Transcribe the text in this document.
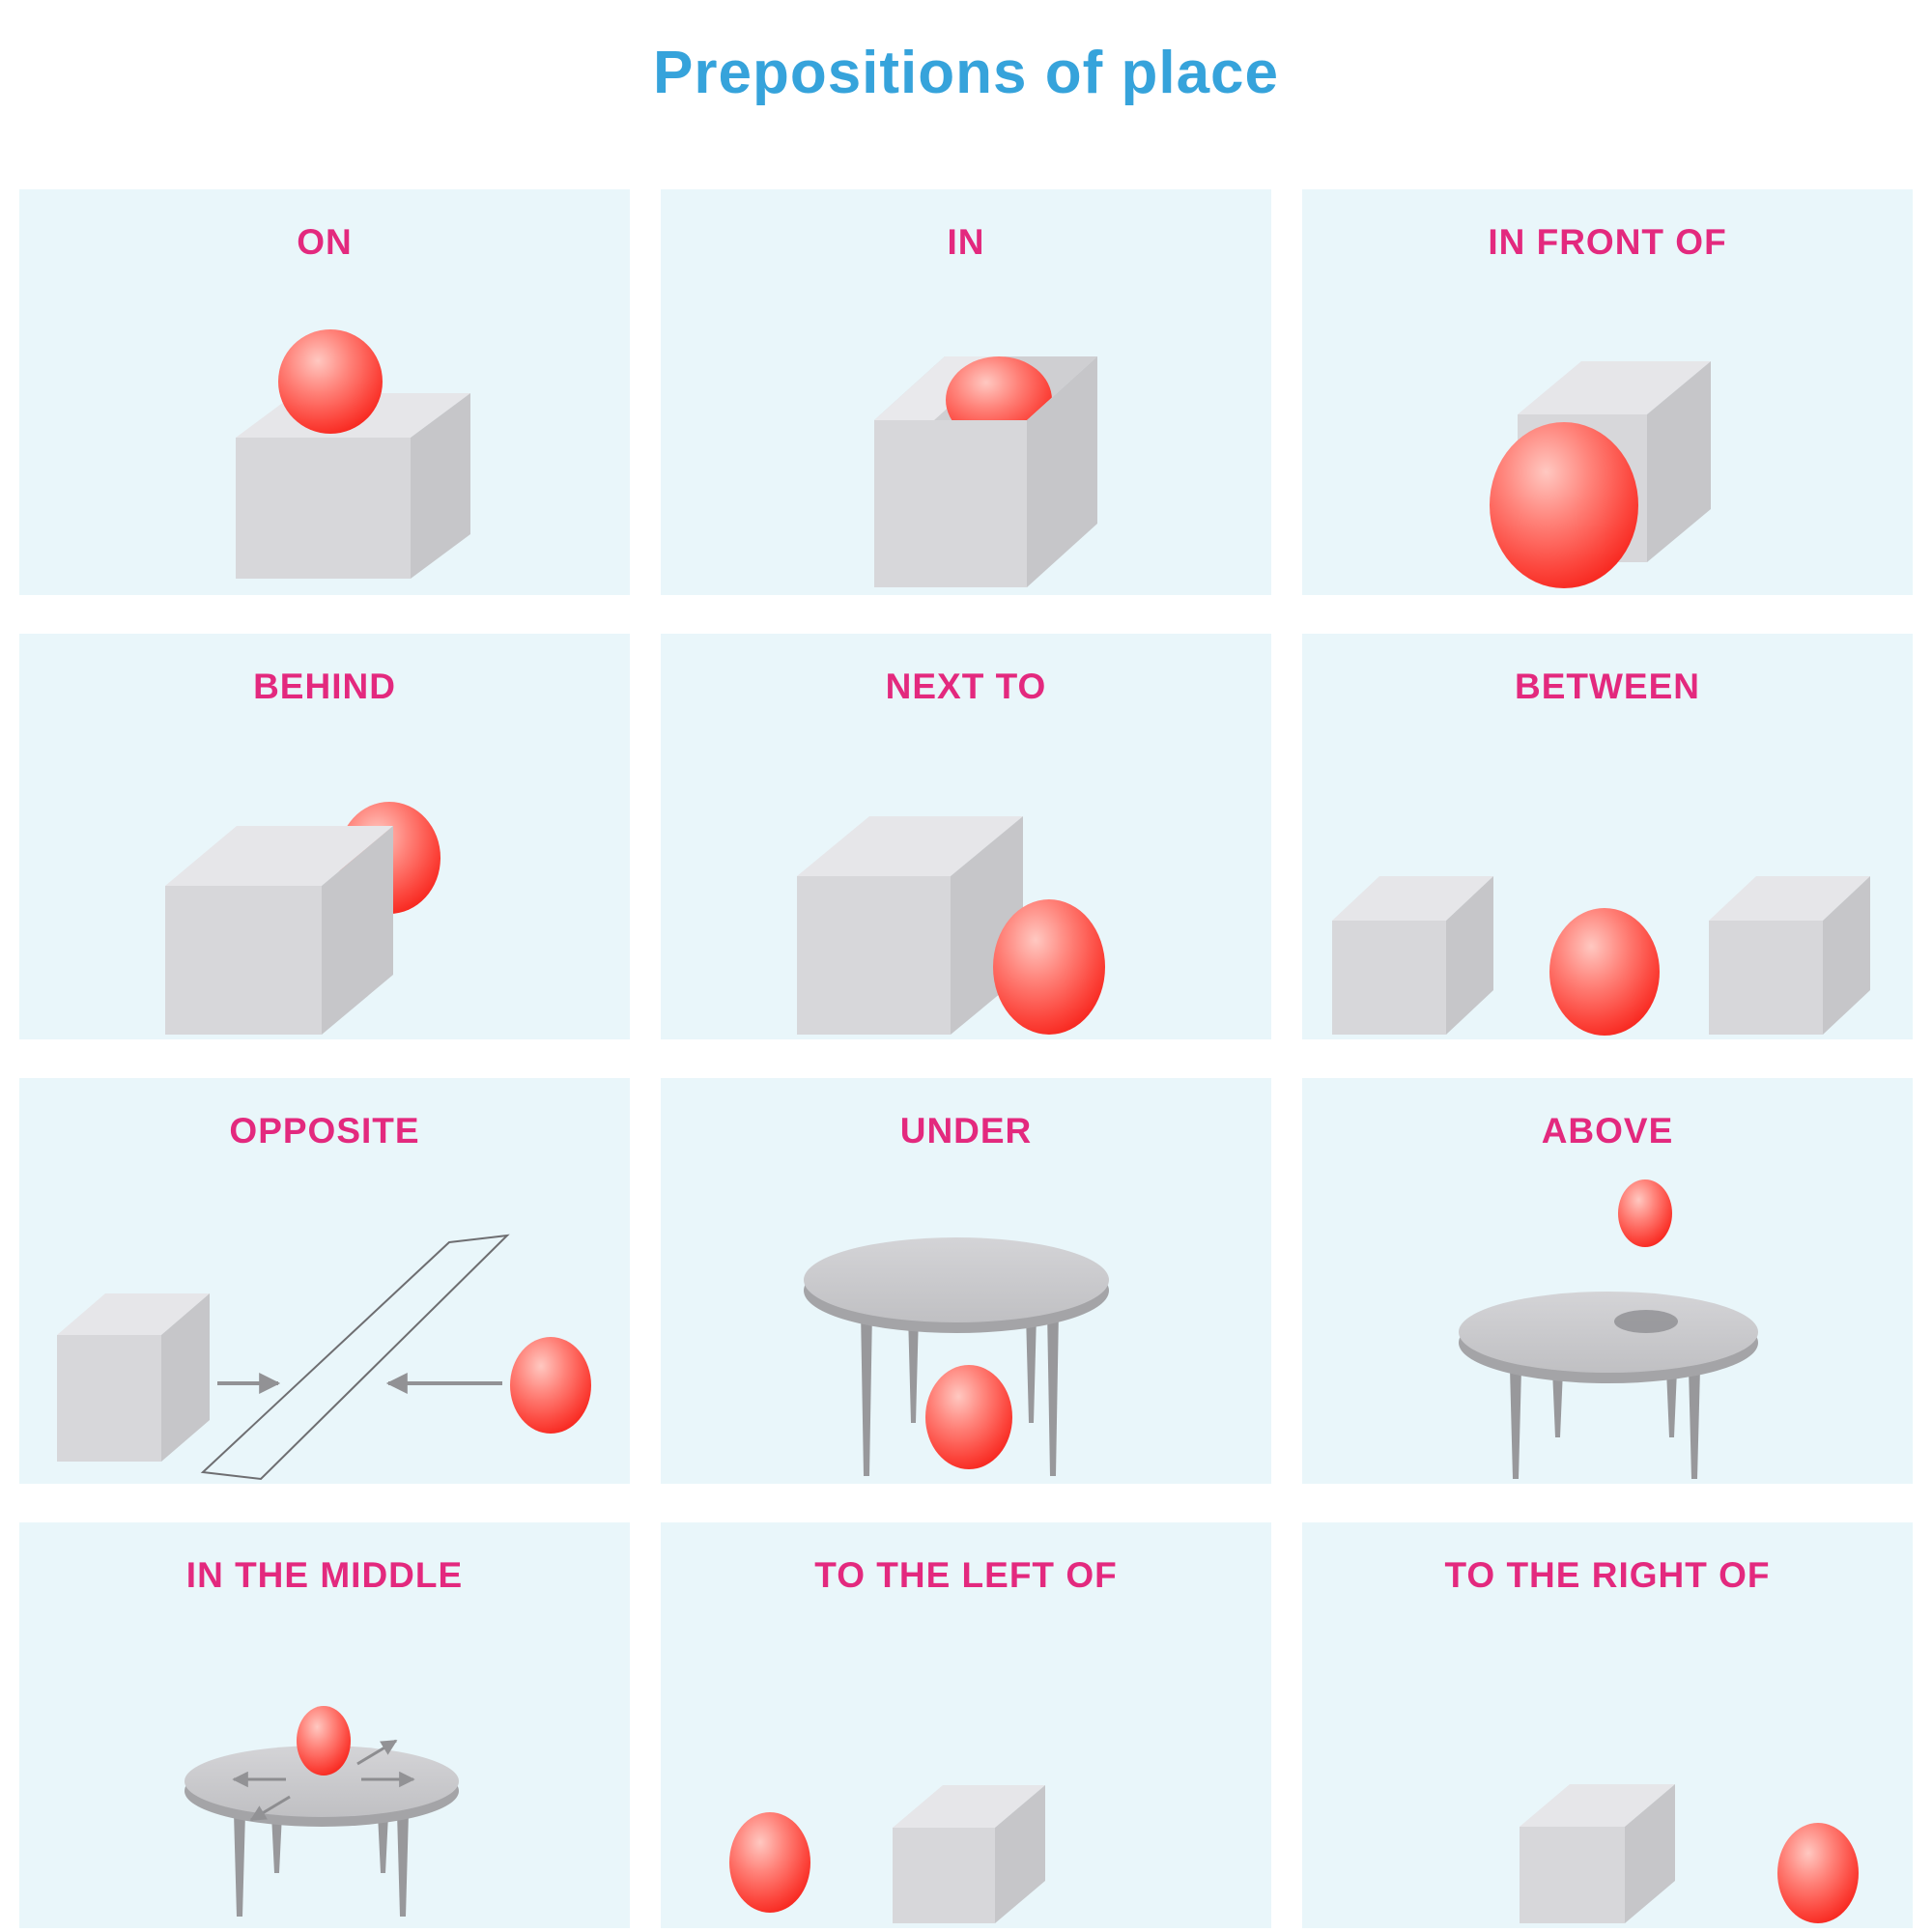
Prepositions of place
ON	IN	IN FRONT OF
BEHIND	NEXT TO	BETWEEN
OPPOSITE	UNDER	ABOVE
IN THE MIDDLE	TO THE LEFT OF	TO THE RIGHT OF
